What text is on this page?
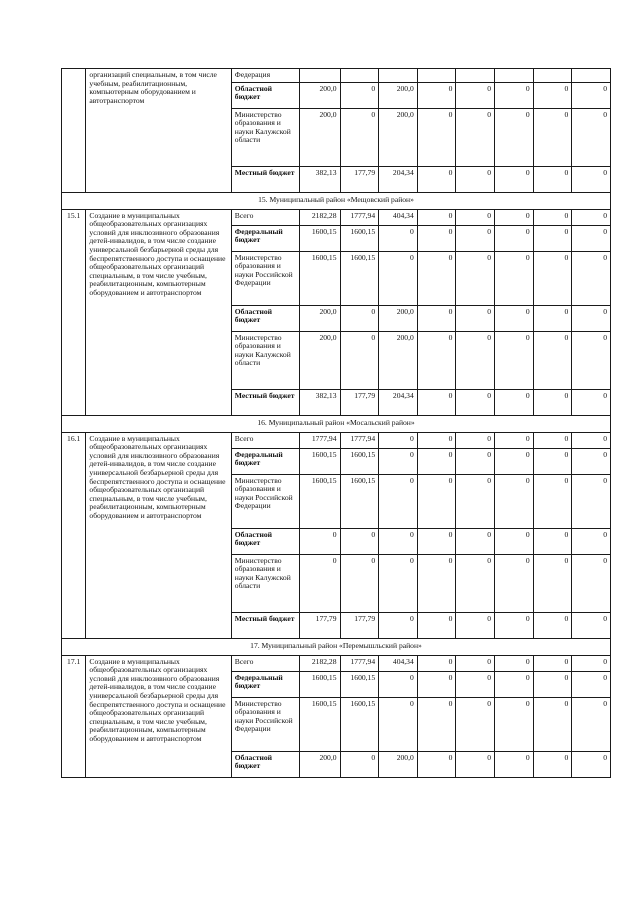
	организаций специальным, в том числе учебным, реабилитационным, компьютерным оборудованием и автотранспортом	Федерация								
		Областной бюджет	200,0	0	200,0	0	0	0	0	0
		Министерство образования и науки Калужской области	200,0	0	200,0	0	0	0	0	0
		Местный бюджет	382,13	177,79	204,34	0	0	0	0	0
15. Муниципальный район «Мещовский район»										
15.1	Создание в муниципальных общеобразовательных организациях условий для инклюзивного образования детей-инвалидов, в том числе создание универсальной безбарьерной среды для беспрепятственного доступа и оснащение общеобразовательных организаций специальным, в том числе учебным, реабилитационным, компьютерным оборудованием и автотранспортом	Всего	2182,28	1777,94	404,34	0	0	0	0	0
		Федеральный бюджет	1600,15	1600,15	0	0	0	0	0	0
		Министерство образования и науки Российской Федерации	1600,15	1600,15	0	0	0	0	0	0
		Областной бюджет	200,0	0	200,0	0	0	0	0	0
		Министерство образования и науки Калужской области	200,0	0	200,0	0	0	0	0	0
		Местный бюджет	382,13	177,79	204,34	0	0	0	0	0
16. Муниципальный район «Мосальский район»										
16.1	Создание в муниципальных общеобразовательных организациях условий для инклюзивного образования детей-инвалидов, в том числе создание универсальной безбарьерной среды для беспрепятственного доступа и оснащение общеобразовательных организаций специальным, в том числе учебным, реабилитационным, компьютерным оборудованием и автотранспортом	Всего	1777,94	1777,94	0	0	0	0	0	0
		Федеральный бюджет	1600,15	1600,15	0	0	0	0	0	0
		Министерство образования и науки Российской Федерации	1600,15	1600,15	0	0	0	0	0	0
		Областной бюджет	0	0	0	0	0	0	0	0
		Министерство образования и науки Калужской области	0	0	0	0	0	0	0	0
		Местный бюджет	177,79	177,79	0	0	0	0	0	0
17. Муниципальный район «Перемышльский район»										
17.1	Создание в муниципальных общеобразовательных организациях условий для инклюзивного образования детей-инвалидов, в том числе создание универсальной безбарьерной среды для беспрепятственного доступа и оснащение общеобразовательных организаций специальным, в том числе учебным, реабилитационным, компьютерным оборудованием и автотранспортом	Всего	2182,28	1777,94	404,34	0	0	0	0	0
		Федеральный бюджет	1600,15	1600,15	0	0	0	0	0	0
		Министерство образования и науки Российской Федерации	1600,15	1600,15	0	0	0	0	0	0
		Областной бюджет	200,0	0	200,0	0	0	0	0	0
